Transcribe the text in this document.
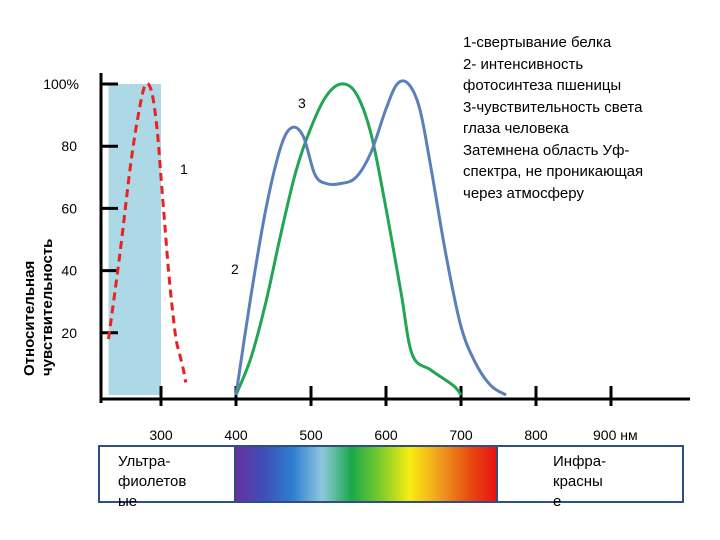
20
40
60
80
100%
300	400	500	600	700	800	900 нм
1
2
3
Относительнаячувствительность
1-свертывание белка
2- интенсивность
фотосинтеза пшеницы
3-чувствительность света
глаза человека
Затемнена область Уф-
спектра, не проникающая
через атмосферу
Ультра-
фиолетов
ые
Инфра-
красны
е
